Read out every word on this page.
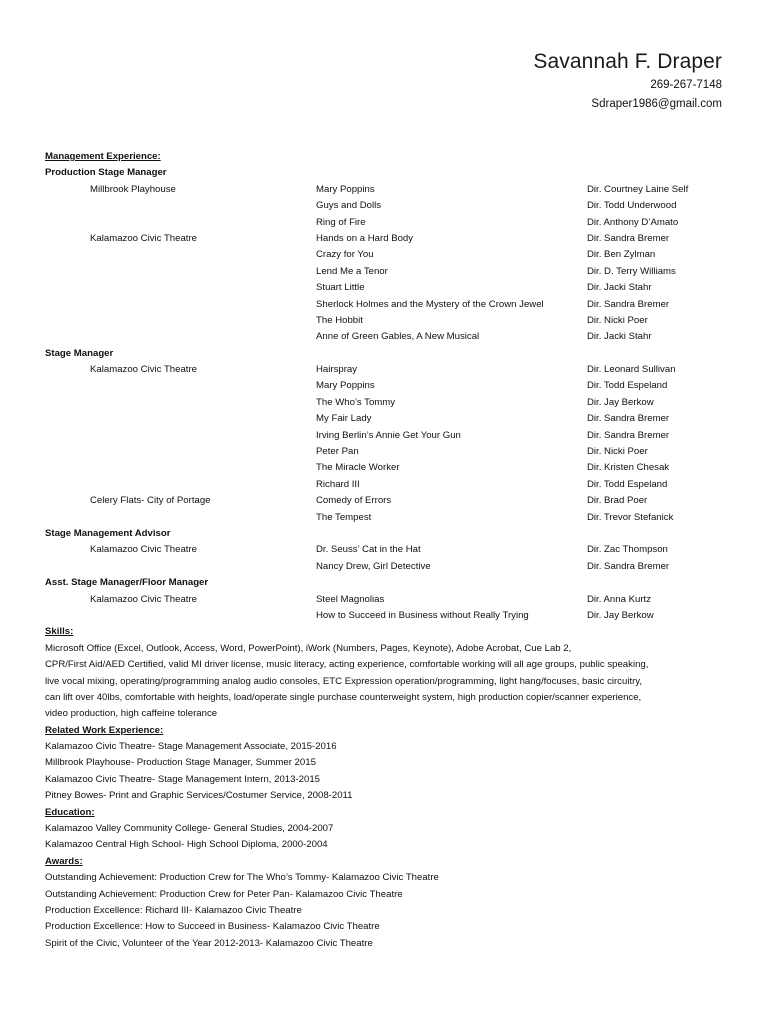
Savannah F. Draper
269-267-7148
Sdraper1986@gmail.com
Management Experience:
Production Stage Manager
Millbrook Playhouse	Mary Poppins	Dir. Courtney Laine Self
Guys and Dolls	Dir. Todd Underwood
Ring of Fire	Dir. Anthony D’Amato
Kalamazoo Civic Theatre	Hands on a Hard Body	Dir. Sandra Bremer
Crazy for You	Dir. Ben Zylman
Lend Me a Tenor	Dir. D. Terry Williams
Stuart Little	Dir. Jacki Stahr
Sherlock Holmes and the Mystery of the Crown Jewel	Dir. Sandra Bremer
The Hobbit	Dir. Nicki Poer
Anne of Green Gables, A New Musical	Dir. Jacki Stahr
Stage Manager
Kalamazoo Civic Theatre	Hairspray	Dir. Leonard Sullivan
Mary Poppins	Dir. Todd Espeland
The Who’s Tommy	Dir. Jay Berkow
My Fair Lady	Dir. Sandra Bremer
Irving Berlin’s Annie Get Your Gun	Dir. Sandra Bremer
Peter Pan	Dir. Nicki Poer
The Miracle Worker	Dir. Kristen Chesak
Richard III	Dir. Todd Espeland
Celery Flats- City of Portage	Comedy of Errors	Dir. Brad Poer
The Tempest	Dir. Trevor Stefanick
Stage Management Advisor
Kalamazoo Civic Theatre	Dr. Seuss’ Cat in the Hat	Dir. Zac Thompson
Nancy Drew, Girl Detective	Dir. Sandra Bremer
Asst. Stage Manager/Floor Manager
Kalamazoo Civic Theatre	Steel Magnolias	Dir. Anna Kurtz
How to Succeed in Business without Really Trying	Dir. Jay Berkow
Skills:
Microsoft Office (Excel, Outlook, Access, Word, PowerPoint), iWork (Numbers, Pages, Keynote), Adobe Acrobat, Cue Lab 2,
CPR/First Aid/AED Certified, valid MI driver license, music literacy, acting experience, comfortable working will all age groups, public speaking,
live vocal mixing, operating/programming analog audio consoles, ETC Expression operation/programming, light hang/focuses, basic circuitry,
can lift over 40lbs, comfortable with heights, load/operate single purchase counterweight system, high production copier/scanner experience,
video production, high caffeine tolerance
Related Work Experience:
Kalamazoo Civic Theatre- Stage Management Associate, 2015-2016
Millbrook Playhouse- Production Stage Manager, Summer 2015
Kalamazoo Civic Theatre- Stage Management Intern, 2013-2015
Pitney Bowes- Print and Graphic Services/Costumer Service, 2008-2011
Education:
Kalamazoo Valley Community College- General Studies, 2004-2007
Kalamazoo Central High School- High School Diploma, 2000-2004
Awards:
Outstanding Achievement: Production Crew for The Who’s Tommy- Kalamazoo Civic Theatre
Outstanding Achievement: Production Crew for Peter Pan- Kalamazoo Civic Theatre
Production Excellence: Richard III- Kalamazoo Civic Theatre
Production Excellence: How to Succeed in Business- Kalamazoo Civic Theatre
Spirit of the Civic, Volunteer of the Year 2012-2013- Kalamazoo Civic Theatre
